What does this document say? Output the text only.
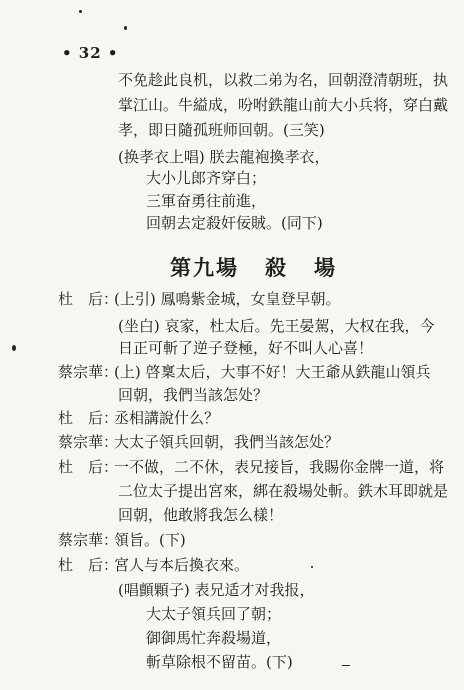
• 32 •
不免趁此良机，以救二弟为名，回朝澄清朝班，执
掌江山。牛縊成，吩咐鉄龍山前大小兵将，穿白戴
孝，即日隨孤班师回朝。(三笑)
(换孝衣上唱) 朕去龍袍換孝衣，
大小儿郎齐穿白；
三軍奋勇往前進，
回朝去定殺奸佞賊。(同下)
第九場 殺 場
杜　后：(上引) 鳳鳴紫金城，女皇登早朝。
(坐白) 哀家，杜太后。先王晏駕，大权在我，今
日正可斬了逆子登極，好不叫人心喜！
蔡宗華：(上) 啓稟太后，大事不好！大王爺从鉄龍山領兵
回朝，我們当該怎处？
杜　后：丞相講說什么？
蔡宗華：大太子領兵回朝，我們当該怎处？
杜　后：一不做，二不休，表兄接旨，我賜你金牌一道，将
二位太子提出宮來，綁在殺場处斬。鉄木耳即就是
回朝，他敢將我怎么樣！
蔡宗華：領旨。(下)
杜　后：宮人与本后換衣來。
(唱顫顆子) 表兄适才对我报，
大太子領兵回了朝；
御御馬忙奔殺場道，
斬草除根不留苗。(下)
